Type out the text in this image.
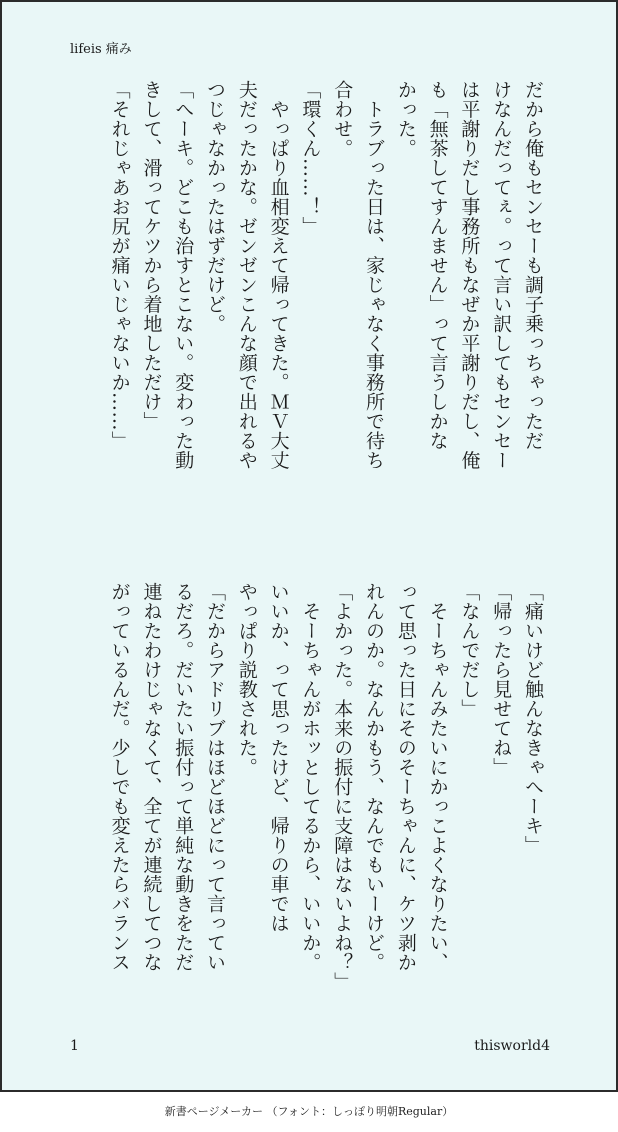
lifeis 痛み

だから俺もセンセーも調子乗っちゃっただ

けなんだってぇ。って言い訳してもセンセー

は平謝りだし事務所もなぜか平謝りだし、俺

も「無茶してすんません」って言うしかな

かった。

　トラブった日は、家じゃなく事務所で待ち

合わせ。

「環くん……！」

　やっぱり血相変えて帰ってきた。ＭＶ大丈

夫だったかな。ゼンゼンこんな顔で出れるや

つじゃなかったはずだけど。

「へーキ。どこも治すとこない。変わった動

きして、滑ってケツから着地しただけ」

「それじゃあお尻が痛いじゃないか……」

「痛いけど触んなきゃへーキ」

「帰ったら見せてね」

「なんでだし」

　そーちゃんみたいにかっこよくなりたい、

って思った日にそのそーちゃんに、ケツ剥か

れんのか。なんかもう、なんでもいーけど。

「よかった。本来の振付に支障はないよね？」

　そーちゃんがホッとしてるから、いいか。

いいか、って思ったけど、帰りの車では

やっぱり説教された。

「だからアドリブはほどほどにって言ってい

るだろ。だいたい振付って単純な動きをただ

連ねたわけじゃなくて、全てが連続してつな

がっているんだ。少しでも変えたらバランス

1	thisworld4
新書ページメーカー （フォント：しっぽり明朝Regular）
